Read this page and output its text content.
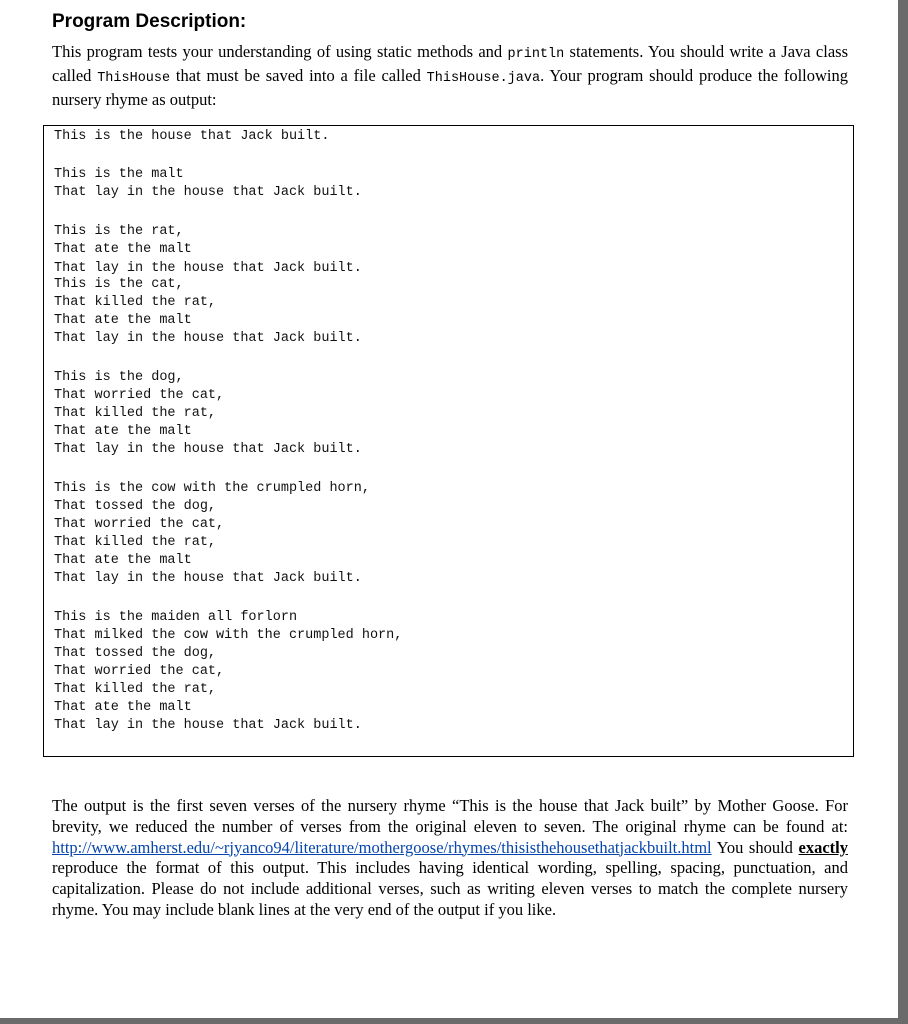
Program Description:
This program tests your understanding of using static methods and println statements. You should write a Java class called ThisHouse that must be saved into a file called ThisHouse.java. Your program should produce the following nursery rhyme as output:
This is the house that Jack built.
This is the malt
That lay in the house that Jack built.
This is the rat,
That ate the malt
That lay in the house that Jack built.
This is the cat,
That killed the rat,
That ate the malt
That lay in the house that Jack built.
This is the dog,
That worried the cat,
That killed the rat,
That ate the malt
That lay in the house that Jack built.
This is the cow with the crumpled horn,
That tossed the dog,
That worried the cat,
That killed the rat,
That ate the malt
That lay in the house that Jack built.
This is the maiden all forlorn
That milked the cow with the crumpled horn,
That tossed the dog,
That worried the cat,
That killed the rat,
That ate the malt
That lay in the house that Jack built.
The output is the first seven verses of the nursery rhyme “This is the house that Jack built” by Mother Goose. For brevity, we reduced the number of verses from the original eleven to seven. The original rhyme can be found at: http://www.amherst.edu/~rjyanco94/literature/mothergoose/rhymes/thisisthehousethatjackbuilt.html You should exactly reproduce the format of this output. This includes having identical wording, spelling, spacing, punctuation, and capitalization. Please do not include additional verses, such as writing eleven verses to match the complete nursery rhyme. You may include blank lines at the very end of the output if you like.
